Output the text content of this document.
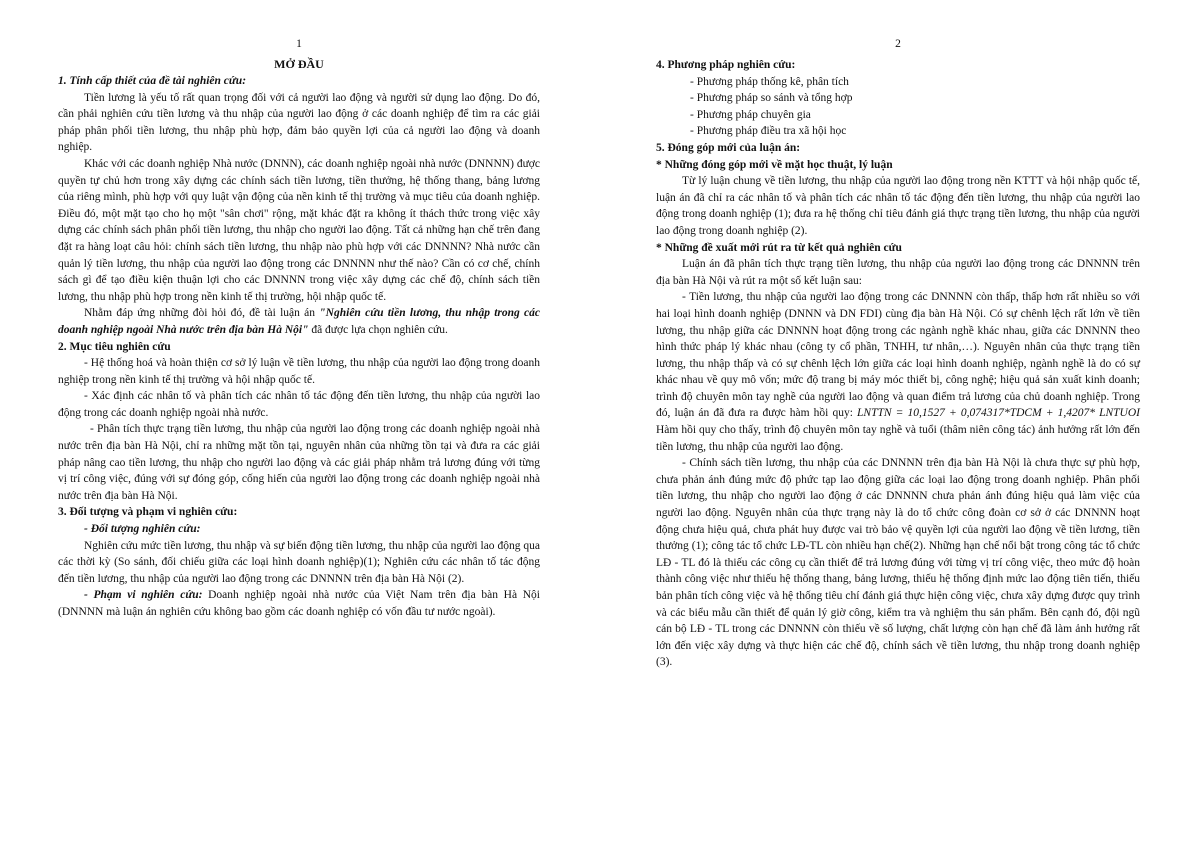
1
MỞ ĐẦU

1. Tính cấp thiết của đề tài nghiên cứu:

Tiền lương là yếu tố rất quan trọng đối với cả người lao động và người sử dụng lao động. Do đó, cần phải nghiên cứu tiền lương và thu nhập của người lao động ở các doanh nghiệp để tìm ra các giải pháp phân phối tiền lương, thu nhập phù hợp, đảm bảo quyền lợi của cả người lao động và doanh nghiệp.

Khác với các doanh nghiệp Nhà nước (DNNN), các doanh nghiệp ngoài nhà nước (DNNNN) được quyền tự chủ hơn trong xây dựng các chính sách tiền lương, tiền thưởng, hệ thống thang, bảng lương của riêng mình, phù hợp với quy luật vận động của nền kinh tế thị trường và mục tiêu của doanh nghiệp. Điều đó, một mặt tạo cho họ một "sân chơi" rộng, mặt khác đặt ra không ít thách thức trong việc xây dựng các chính sách phân phối tiền lương, thu nhập cho người lao động. Tất cả những hạn chế trên đang đặt ra hàng loạt câu hỏi: chính sách tiền lương, thu nhập nào phù hợp với các DNNNN? Nhà nước cần quản lý tiền lương, thu nhập của người lao động trong các DNNNN như thế nào? Cần có cơ chế, chính sách gì để tạo điều kiện thuận lợi cho các DNNNN trong việc xây dựng các chế độ, chính sách tiền lương, thu nhập phù hợp trong nền kinh tế thị trường, hội nhập quốc tế.

Nhằm đáp ứng những đòi hỏi đó, đề tài luận án "Nghiên cứu tiền lương, thu nhập trong các doanh nghiệp ngoài Nhà nước trên địa bàn Hà Nội" đã được lựa chọn nghiên cứu.

2. Mục tiêu nghiên cứu

- Hệ thống hoá và hoàn thiện cơ sở lý luận về tiền lương, thu nhập của người lao động trong doanh nghiệp trong nền kinh tế thị trường và hội nhập quốc tế.

- Xác định các nhân tố và phân tích các nhân tố tác động đến tiền lương, thu nhập của người lao động trong các doanh nghiệp ngoài nhà nước.

- Phân tích thực trạng tiền lương, thu nhập của người lao động trong các doanh nghiệp ngoài nhà nước trên địa bàn Hà Nội, chỉ ra những mặt tồn tại, nguyên nhân của những tồn tại và đưa ra các giải pháp nâng cao tiền lương, thu nhập cho người lao động và các giải pháp nhằm trả lương đúng với từng vị trí công việc, đúng với sự đóng góp, cống hiến của người lao động trong các doanh nghiệp ngoài nhà nước trên địa bàn Hà Nội.

3. Đối tượng và phạm vi nghiên cứu:

- Đối tượng nghiên cứu:

Nghiên cứu mức tiền lương, thu nhập và sự biến động tiền lương, thu nhập của người lao động qua các thời kỳ (So sánh, đối chiếu giữa các loại hình doanh nghiệp)(1); Nghiên cứu các nhân tố tác động đến tiền lương, thu nhập của người lao động trong các DNNNN trên địa bàn Hà Nội (2).

- Phạm vi nghiên cứu: Doanh nghiệp ngoài nhà nước của Việt Nam trên địa bàn Hà Nội (DNNNN mà luận án nghiên cứu không bao gồm các doanh nghiệp có vốn đầu tư nước ngoài).

2

4. Phương pháp nghiên cứu:

- Phương pháp thống kê, phân tích

- Phương pháp so sánh và tổng hợp

- Phương pháp chuyên gia

- Phương pháp điều tra xã hội học

5. Đóng góp mới của luận án:

* Những đóng góp mới về mặt học thuật, lý luận

Từ lý luận chung về tiền lương, thu nhập của người lao động trong nền KTTT và hội nhập quốc tế, luận án đã chỉ ra các nhân tố và phân tích các nhân tố tác động đến tiền lương, thu nhập của người lao động trong doanh nghiệp (1); đưa ra hệ thống chỉ tiêu đánh giá thực trạng tiền lương, thu nhập của người lao động trong doanh nghiệp (2).

* Những đề xuất mới rút ra từ kết quả nghiên cứu

Luận án đã phân tích thực trạng tiền lương, thu nhập của người lao động trong các DNNNN trên địa bàn Hà Nội và rút ra một số kết luận sau:

- Tiền lương, thu nhập của người lao động trong các DNNNN còn thấp, thấp hơn rất nhiều so với hai loại hình doanh nghiệp (DNNN và DN FDI) cùng địa bàn Hà Nội. Có sự chênh lệch rất lớn về tiền lương, thu nhập giữa các DNNNN hoạt động trong các ngành nghề khác nhau, giữa các DNNNN theo hình thức pháp lý khác nhau (công ty cổ phần, TNHH, tư nhân,…). Nguyên nhân của thực trạng tiền lương, thu nhập thấp và có sự chênh lệch lớn giữa các loại hình doanh nghiệp, ngành nghề là do có sự khác nhau về quy mô vốn; mức độ trang bị máy móc thiết bị, công nghệ; hiệu quả sản xuất kinh doanh; trình độ chuyên môn tay nghề của người lao động và quan điểm trả lương của chủ doanh nghiệp. Trong đó, luận án đã đưa ra được hàm hồi quy: LNTTN = 10,1527 + 0,074317*TDCM + 1,4207* LNTUOI Hàm hồi quy cho thấy, trình độ chuyên môn tay nghề và tuổi (thâm niên công tác) ảnh hưởng rất lớn đến tiền lương, thu nhập của người lao động.

- Chính sách tiền lương, thu nhập của các DNNNN trên địa bàn Hà Nội là chưa thực sự phù hợp, chưa phản ánh đúng mức độ phức tạp lao động giữa các loại lao động trong doanh nghiệp. Phân phối tiền lương, thu nhập cho người lao động ở các DNNNN chưa phản ánh đúng hiệu quả làm việc của người lao động. Nguyên nhân của thực trạng này là do tổ chức công đoàn cơ sở ở các DNNNN hoạt động chưa hiệu quả, chưa phát huy được vai trò bảo vệ quyền lợi của người lao động về tiền lương, tiền thưởng (1); công tác tổ chức LĐ-TL còn nhiều hạn chế(2). Những hạn chế nổi bật trong công tác tổ chức LĐ - TL đó là thiếu các công cụ cần thiết để trả lương đúng với từng vị trí công việc, theo mức độ hoàn thành công việc như thiếu hệ thống thang, bảng lương, thiếu hệ thống định mức lao động tiên tiến, thiếu bản phân tích công việc và hệ thống tiêu chí đánh giá thực hiện công việc, chưa xây dựng được quy trình và các biểu mẫu cần thiết để quản lý giờ công, kiểm tra và nghiệm thu sản phẩm. Bên cạnh đó, đội ngũ cán bộ LĐ - TL trong các DNNNN còn thiếu về số lượng, chất lượng còn hạn chế đã làm ảnh hưởng rất lớn đến việc xây dựng và thực hiện các chế độ, chính sách về tiền lương, thu nhập trong doanh nghiệp (3).
